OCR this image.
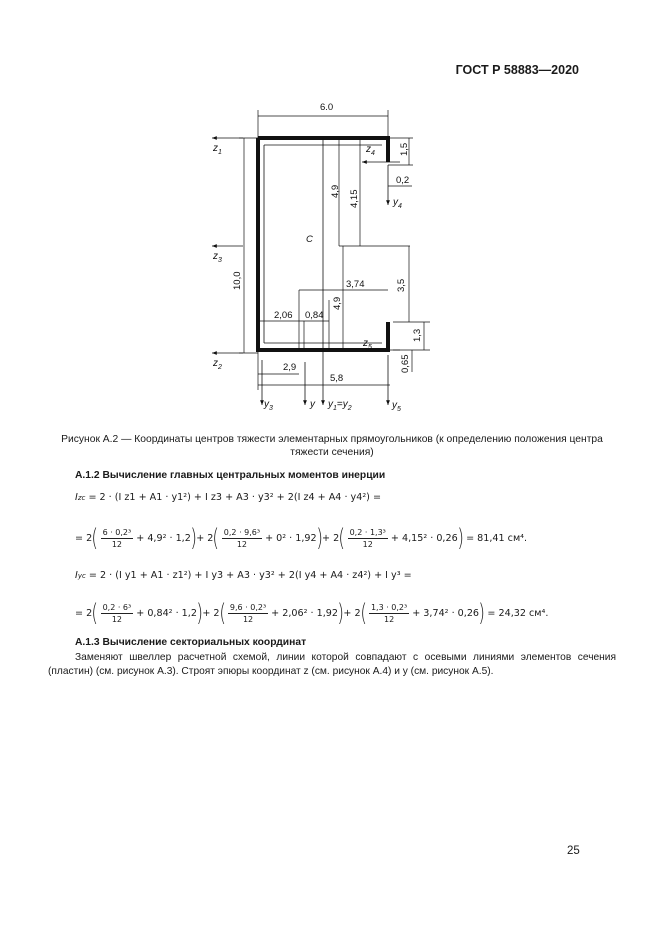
ГОСТ Р 58883—2020
6.0
1,5
0,2
4,9 4,15
C
10,0	3,74	3,5
2,06 0,84
4,9
1,3
0,65
2,9
5,8
$z_1$
$z_3$
$z_2$
$z_4$
$z_5$
$y_4$
$y_3$	y $y_1=y_2$	$y_5$
Рисунок А.2 — Координаты центров тяжести элементарных прямоугольников (к определению положения центра тяжести сечения)
А.1.2 Вычисление главных центральных моментов инерции
I zc
= 2 · (I z1 + A1 · y1²) + I z3 + A3 · y3² + 2(I z4 + A4 · y4²) =
= 2 ( $\frac{\text{6 · 0,2³}}{12} + 4,9^2 \cdot 1,2$ ) + 2 ( $\frac{\text{0,2 · 9,6³}}{12} + 0^2 \cdot 1,92$ ) + 2 ( $\frac{\text{0,2 · 1,3³}}{12} + 4,15^2 \cdot 0,26$ ) = 81,41 см⁴.
I yc
= 2 · (I y1 + A1 · z1²) + I y3 + A3 · y3² + 2(I y4 + A4 · z4²) + I y³ =
= 2 ( $\frac{\text{0,2 · 6³}}{12} + 0,84^2 \cdot 1,2$ ) + 2 ( $\frac{\text{9,6 · 0,2³}}{12} + 2,06^2 \cdot 1,92$ ) + 2 ( $\frac{\text{1,3 · 0,2³}}{12} + 3,74^2 \cdot 0,26$ ) = 24,32 см⁴.
А.1.3 Вычисление секториальных координат
Заменяют швеллер расчетной схемой, линии которой совпадают с осевыми линиями элементов сечения (пластин) (см. рисунок А.3). Строят эпюры координат z (см. рисунок А.4) и y (см. рисунок А.5).
25
